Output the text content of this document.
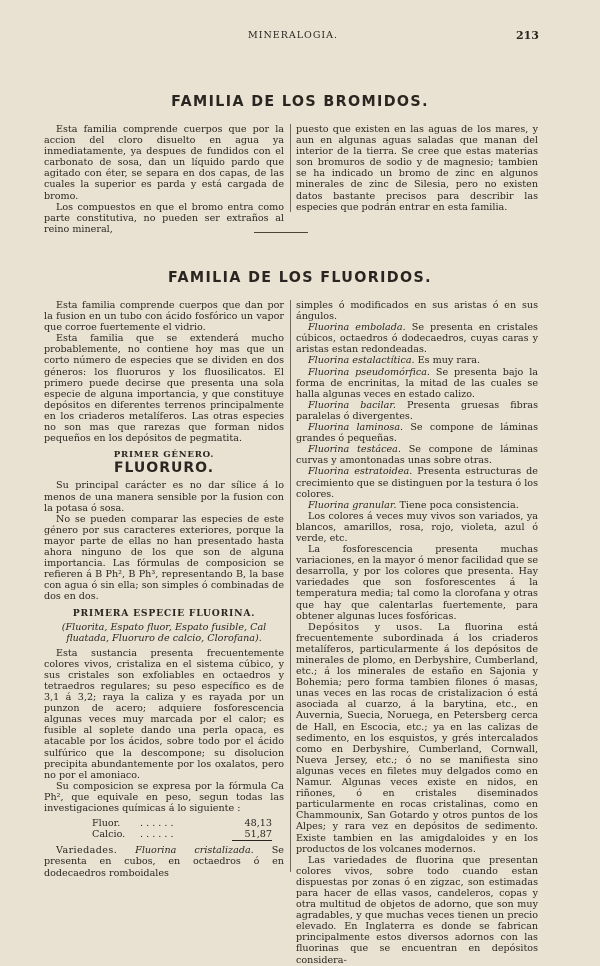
MINERALOGIA.	213
FAMILIA DE LOS BROMIDOS.

Esta familia comprende cuerpos que por la accion del cloro disuelto en agua ya inmediatamente, ya despues de fundidos con el carbonato de sosa, dan un líquido pardo que agitado con éter, se separa en dos capas, de las cuales la superior es parda y está cargada de bromo.

Los compuestos en que el bromo entra como parte constitutiva, no pueden ser extraños al reino mineral,

puesto que existen en las aguas de los mares, y aun en algunas aguas saladas que manan del interior de la tierra. Se cree que estas materias son bromuros de sodio y de magnesio; tambien se ha indicado un bromo de zinc en algunos minerales de zinc de Silesia, pero no existen datos bastante precisos para describir las especies que podrán entrar en esta familia.

FAMILIA DE LOS FLUORIDOS.

Esta familia comprende cuerpos que dan por la fusion en un tubo con ácido fosfórico un vapor que corroe fuertemente el vidrio.

Esta familia que se extenderá mucho probablemente, no contiene hoy mas que un corto número de especies que se dividen en dos géneros: los fluoruros y los fluosilicatos. El primero puede decirse que presenta una sola especie de alguna importancia, y que constituye depósitos en diferentes terrenos principalmente en los criaderos metalíferos. Las otras especies no son mas que rarezas que forman nidos pequeños en los depósitos de pegmatita.

PRIMER GÉNERO.
FLUORURO.

Su principal carácter es no dar sílice á lo menos de una manera sensible por la fusion con la potasa ó sosa.

No se pueden comparar las especies de este género por sus caracteres exteriores, porque la mayor parte de ellas no han presentado hasta ahora ninguno de los que son de alguna importancia. Las fórmulas de composicion se refieren á B Ph², B Ph³, representando B, la base con agua ó sin ella; son simples ó combinadas de dos en dos.

PRIMERA ESPECIE FLUORINA.

(Fluorita, Espato fluor, Espato fusible, Cal fluatada, Fluoruro de calcio, Clorofana).

Esta sustancia presenta frecuentemente colores vivos, cristaliza en el sistema cúbico, y sus cristales son exfoliables en octaedros y tetraedros regulares; su peso específico es de 3,1 á 3,2; raya la caliza y es rayada por un punzon de acero; adquiere fosforescencia algunas veces muy marcada por el calor; es fusible al soplete dando una perla opaca, es atacable por los ácidos, sobre todo por el ácido sulfúrico que la descompone; su disolucion precipita abundantemente por los oxalatos, pero no por el amoniaco.

Su composicion se expresa por la fórmula Ca Ph², que equivale en peso, segun todas las investigaciones químicas á lo siguiente :

Fluor.	. . . . . .	48,13
Calcio.	. . . . . .	51,87

Variedades. Fluorina cristalizada. Se presenta en cubos, en octaedros ó en dodecaedros romboidales

simples ó modificados en sus aristas ó en sus ángulos.

Fluorina embolada. Se presenta en cristales cúbicos, octaedros ó dodecaedros, cuyas caras y aristas estan redondeadas.

Fluorina estalactítica. Es muy rara.

Fluorina pseudomórfica. Se presenta bajo la forma de encrinitas, la mitad de las cuales se halla algunas veces en estado calizo.

Fluorina bacilar. Presenta gruesas fibras paralelas ó divergentes.

Fluorina laminosa. Se compone de láminas grandes ó pequeñas.

Fluorina testácea. Se compone de láminas curvas y amontonadas unas sobre otras.

Fluorina estratoidea. Presenta estructuras de crecimiento que se distinguen por la testura ó los colores.

Fluorina granular. Tiene poca consistencia.

Los colores á veces muy vivos son variados, ya blancos, amarillos, rosa, rojo, violeta, azul ó verde, etc.

La fosforescencia presenta muchas variaciones, en la mayor ó menor facilidad que se desarrolla, y por los colores que presenta. Hay variedades que son fosforescentes á la temperatura media; tal como la clorofana y otras que hay que calentarlas fuertemente, para obtener algunas luces fosfóricas.

Depósitos y usos. La fluorina está frecuentemente subordinada á los criaderos metalíferos, particularmente á los depósitos de minerales de plomo, en Derbyshire, Cumberland, etc.; á los minerales de estaño en Sajonia y Bohemia; pero forma tambien filones ó masas, unas veces en las rocas de cristalizacion ó está asociada al cuarzo, á la barytina, etc., en Auvernia, Suecia, Noruega, en Petersberg cerca de Hall, en Escocia, etc.; ya en las calizas de sedimento, en los esquistos, y grés intercalados como en Derbyshire, Cumberland, Cornwall, Nueva Jersey, etc.; ó no se manifiesta sino algunas veces en filetes muy delgados como en Namur. Algunas veces existe en nidos, en riñones, ó en cristales diseminados particularmente en rocas cristalinas, como en Chammounix, San Gotardo y otros puntos de los Alpes; y rara vez en depósitos de sedimento. Existe tambien en las amigdaloides y en los productos de los volcanes modernos.

Las variedades de fluorina que presentan colores vivos, sobre todo cuando estan dispuestas por zonas ó en zigzac, son estimadas para hacer de ellas vasos, candeleros, copas y otra multitud de objetos de adorno, que son muy agradables, y que muchas veces tienen un precio elevado. En Inglaterra es donde se fabrican principalmente estos diversos adornos con las fluorinas que se encuentran en depósitos considera-
